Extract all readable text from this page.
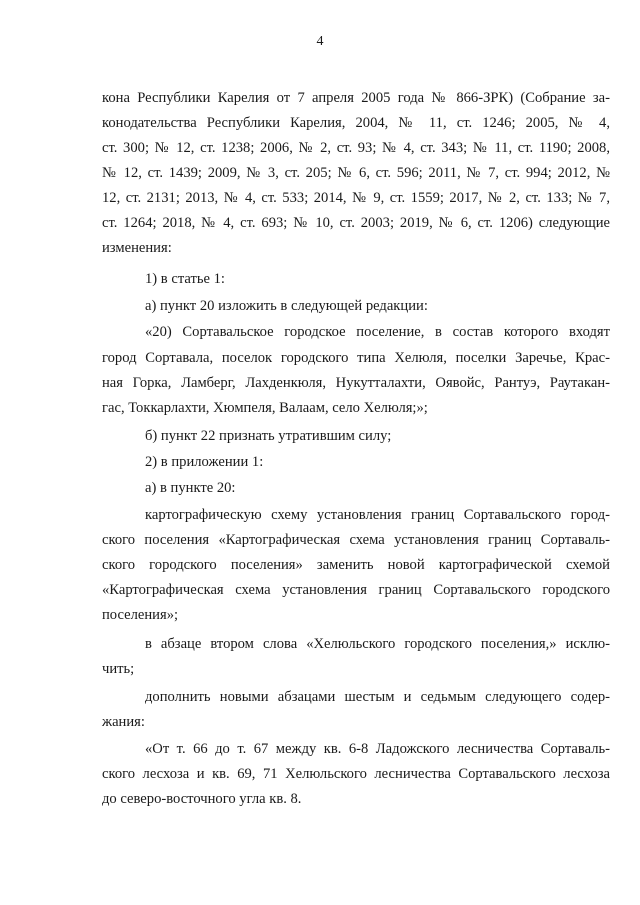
4
кона Республики Карелия от 7 апреля 2005 года № 866-ЗРК) (Собрание за-
конодательства Республики Карелия, 2004, № 11, ст. 1246; 2005, № 4,
ст. 300; № 12, ст. 1238; 2006, № 2, ст. 93; № 4, ст. 343; № 11, ст. 1190; 2008,
№ 12, ст. 1439; 2009, № 3, ст. 205; № 6, ст. 596; 2011, № 7, ст. 994; 2012, №
12, ст. 2131; 2013, № 4, ст. 533; 2014, № 9, ст. 1559; 2017, № 2, ст. 133; № 7,
ст. 1264; 2018, № 4, ст. 693; № 10, ст. 2003; 2019, № 6, ст. 1206) следующие
изменения:
1) в статье 1:
а) пункт 20 изложить в следующей редакции:
«20) Сортавальское городское поселение, в состав которого входят
город Сортавала, поселок городского типа Хелюля, поселки Заречье, Крас-
ная Горка, Ламберг, Лахденкюля, Нукутталахти, Оявойс, Рантуэ, Раутакан-
гас, Токкарлахти, Хюмпеля, Валаам, село Хелюля;»;
б) пункт 22 признать утратившим силу;
2) в приложении 1:
а) в пункте 20:
картографическую схему установления границ Сортавальского город-
ского поселения «Картографическая схема установления границ Сортаваль-
ского городского поселения» заменить новой картографической схемой
«Картографическая схема установления границ Сортавальского городского
поселения»;
в абзаце втором слова «Хелюльского городского поселения,» исклю-
чить;
дополнить новыми абзацами шестым и седьмым следующего содер-
жания:
«От т. 66 до т. 67 между кв. 6-8 Ладожского лесничества Сортаваль-
ского лесхоза и кв. 69, 71 Хелюльского лесничества Сортавальского лесхоза
до северо-восточного угла кв. 8.
